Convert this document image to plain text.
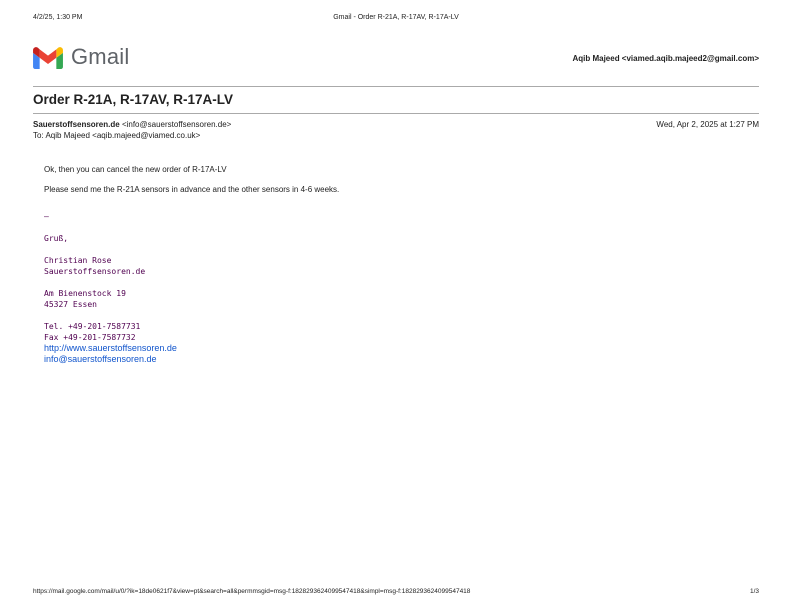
4/2/25, 1:30 PM	Gmail - Order R-21A, R-17AV, R-17A-LV
Gmail	Aqib Majeed <viamed.aqib.majeed2@gmail.com>
Order R-21A, R-17AV, R-17A-LV
Sauerstoffsensoren.de <info@sauerstoffsensoren.de>	Wed, Apr 2, 2025 at 1:27 PM
To: Aqib Majeed <aqib.majeed@viamed.co.uk>

Ok, then you can cancel the new order of R-17A-LV

Please send me the R-21A sensors in advance and the other sensors in 4-6 weeks.

—
Gruß,
Christian Rose
Sauerstoffsensoren.de
Am Bienenstock 19
45327 Essen
Tel. +49-201-7587731
Fax +49-201-7587732
http://www.sauerstoffsensoren.de
info@sauerstoffsensoren.de
https://mail.google.com/mail/u/0/?ik=18de0621f7&view=pt&search=all&permmsgid=msg-f:1828293624099547418&simpl=msg-f:1828293624099547418	1/3
